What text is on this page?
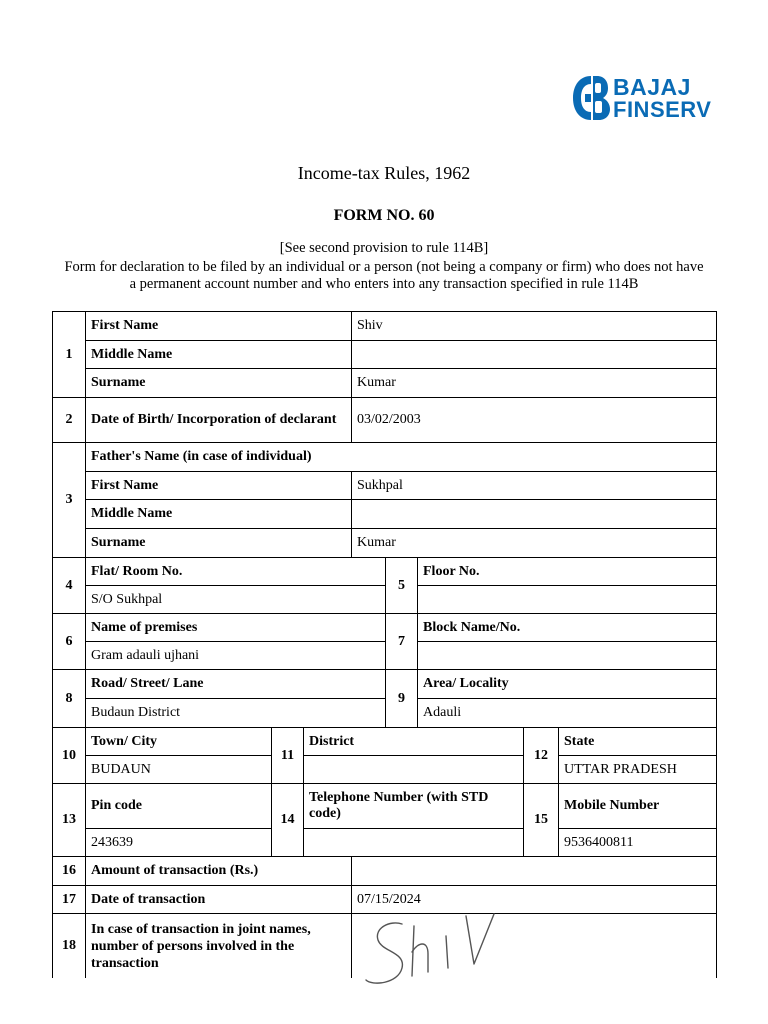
BAJAJ
FINSERV
Income-tax Rules, 1962
FORM NO. 60
[See second provision to rule 114B]
Form for declaration to be filed by an individual or a person (not being a company or firm) who does not have a permanent account number and who enters into any transaction specified in rule 114B
1	First Name			Shiv				
	Middle Name							
	Surname			Kumar				
2	Date of Birth/ Incorporation of declarant			03/02/2003				
3	Father's Name (in case of individual)							
	First Name			Sukhpal				
	Middle Name							
	Surname			Kumar				
4	Flat/ Room No.				5	Floor No.		
	S/O Sukhpal							
6	Name of premises				7	Block Name/No.		
	Gram adauli ujhani							
8	Road/ Street/ Lane				9	Area/ Locality		
	Budaun District					Adauli		
10	Town/ City	11	District				12	State
	BUDAUN							UTTAR PRADESH
13	Pin code	14	Telephone Number (with STD code)				15	Mobile Number
	243639							9536400811
16	Amount of transaction (Rs.)							
17	Date of transaction			07/15/2024				
18	In case of transaction in joint names, number of persons involved in the transaction							
